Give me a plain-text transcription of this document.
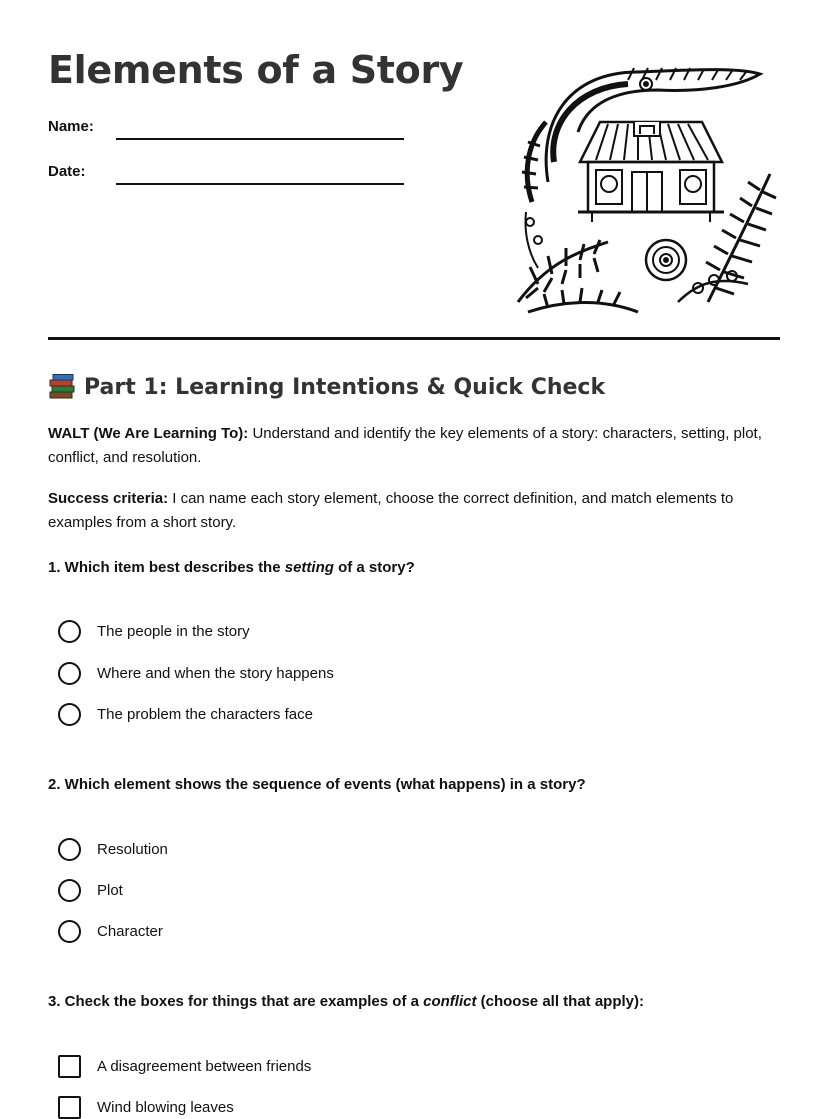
Elements of a Story
Name:
Date:
Part 1: Learning Intentions & Quick Check

WALT (We Are Learning To): Understand and identify the key elements of a story: characters, setting, plot, conflict, and resolution.

Success criteria: I can name each story element, choose the correct definition, and match elements to examples from a short story.

1. Which item best describes the setting of a story?

The people in the story
Where and when the story happens
The problem the characters face

2. Which element shows the sequence of events (what happens) in a story?

Resolution
Plot
Character

3. Check the boxes for things that are examples of a conflict (choose all that apply):

A disagreement between friends
Wind blowing leaves
